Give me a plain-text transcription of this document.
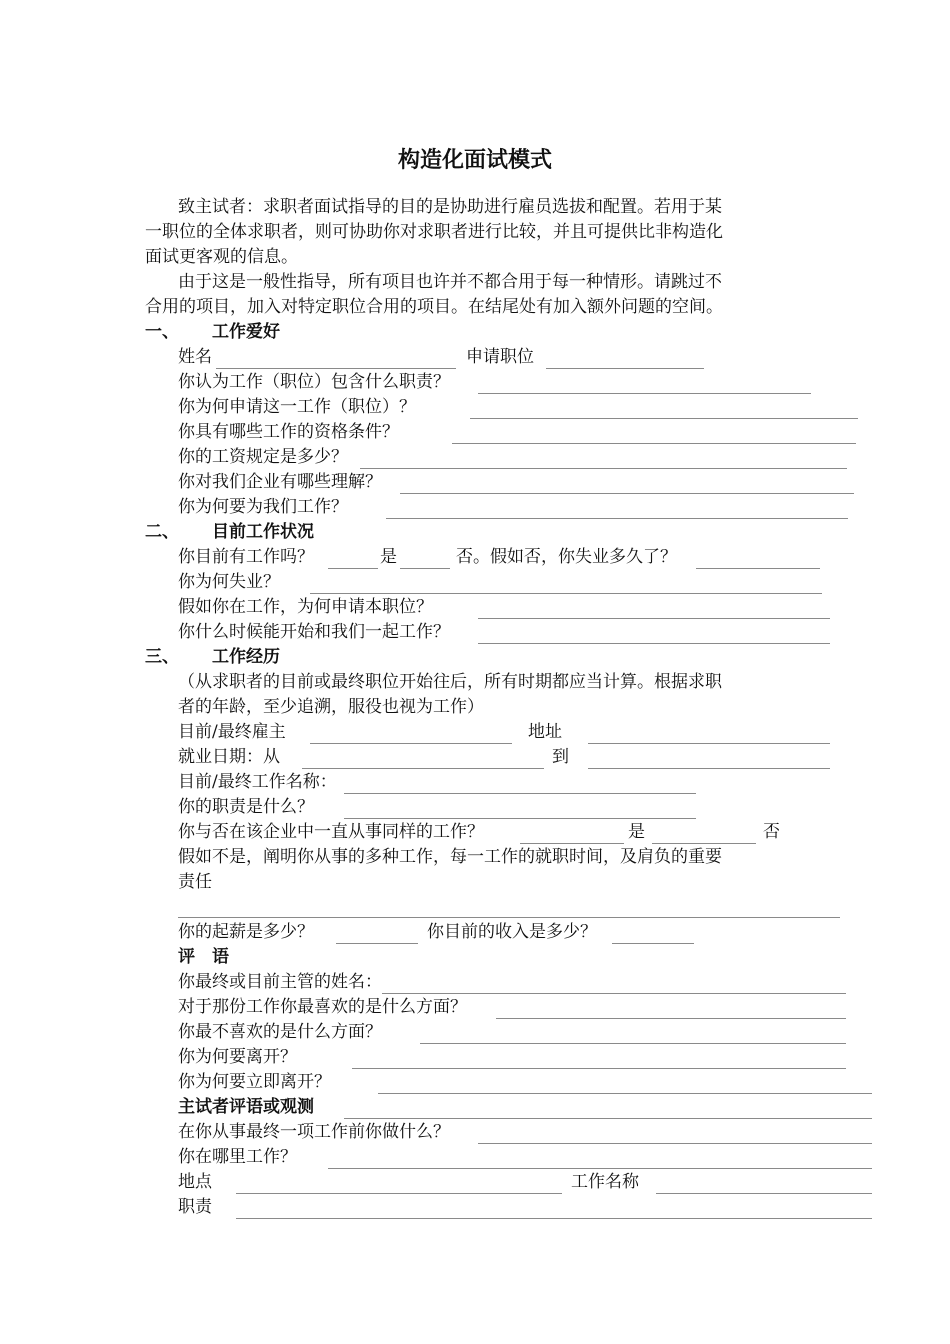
构造化面试模式
致主试者：求职者面试指导的目的是协助进行雇员选拔和配置。若用于某
一职位的全体求职者，则可协助你对求职者进行比较，并且可提供比非构造化
面试更客观的信息。
由于这是一般性指导，所有项目也许并不都合用于每一种情形。请跳过不
合用的项目，加入对特定职位合用的项目。在结尾处有加入额外问题的空间。
一、 工作爱好
姓名	申请职位
你认为工作（职位）包含什么职责？
你为何申请这一工作（职位）？
你具有哪些工作的资格条件？
你的工资规定是多少？
你对我们企业有哪些理解？
你为何要为我们工作？
二、 目前工作状况
你目前有工作吗？	是	否。假如否，你失业多久了？
你为何失业？
假如你在工作，为何申请本职位？
你什么时候能开始和我们一起工作？
三、 工作经历
（从求职者的目前或最终职位开始往后，所有时期都应当计算。根据求职
者的年龄，至少追溯，服役也视为工作）
目前/最终雇主	地址
就业日期：从	到
目前/最终工作名称：
你的职责是什么？
你与否在该企业中一直从事同样的工作？	是	否
假如不是，阐明你从事的多种工作，每一工作的就职时间，及肩负的重要
责任
你的起薪是多少？	你目前的收入是多少？
评　语
你最终或目前主管的姓名：
对于那份工作你最喜欢的是什么方面？
你最不喜欢的是什么方面？
你为何要离开？
你为何要立即离开？
主试者评语或观测
在你从事最终一项工作前你做什么？
你在哪里工作？
地点	工作名称
职责
